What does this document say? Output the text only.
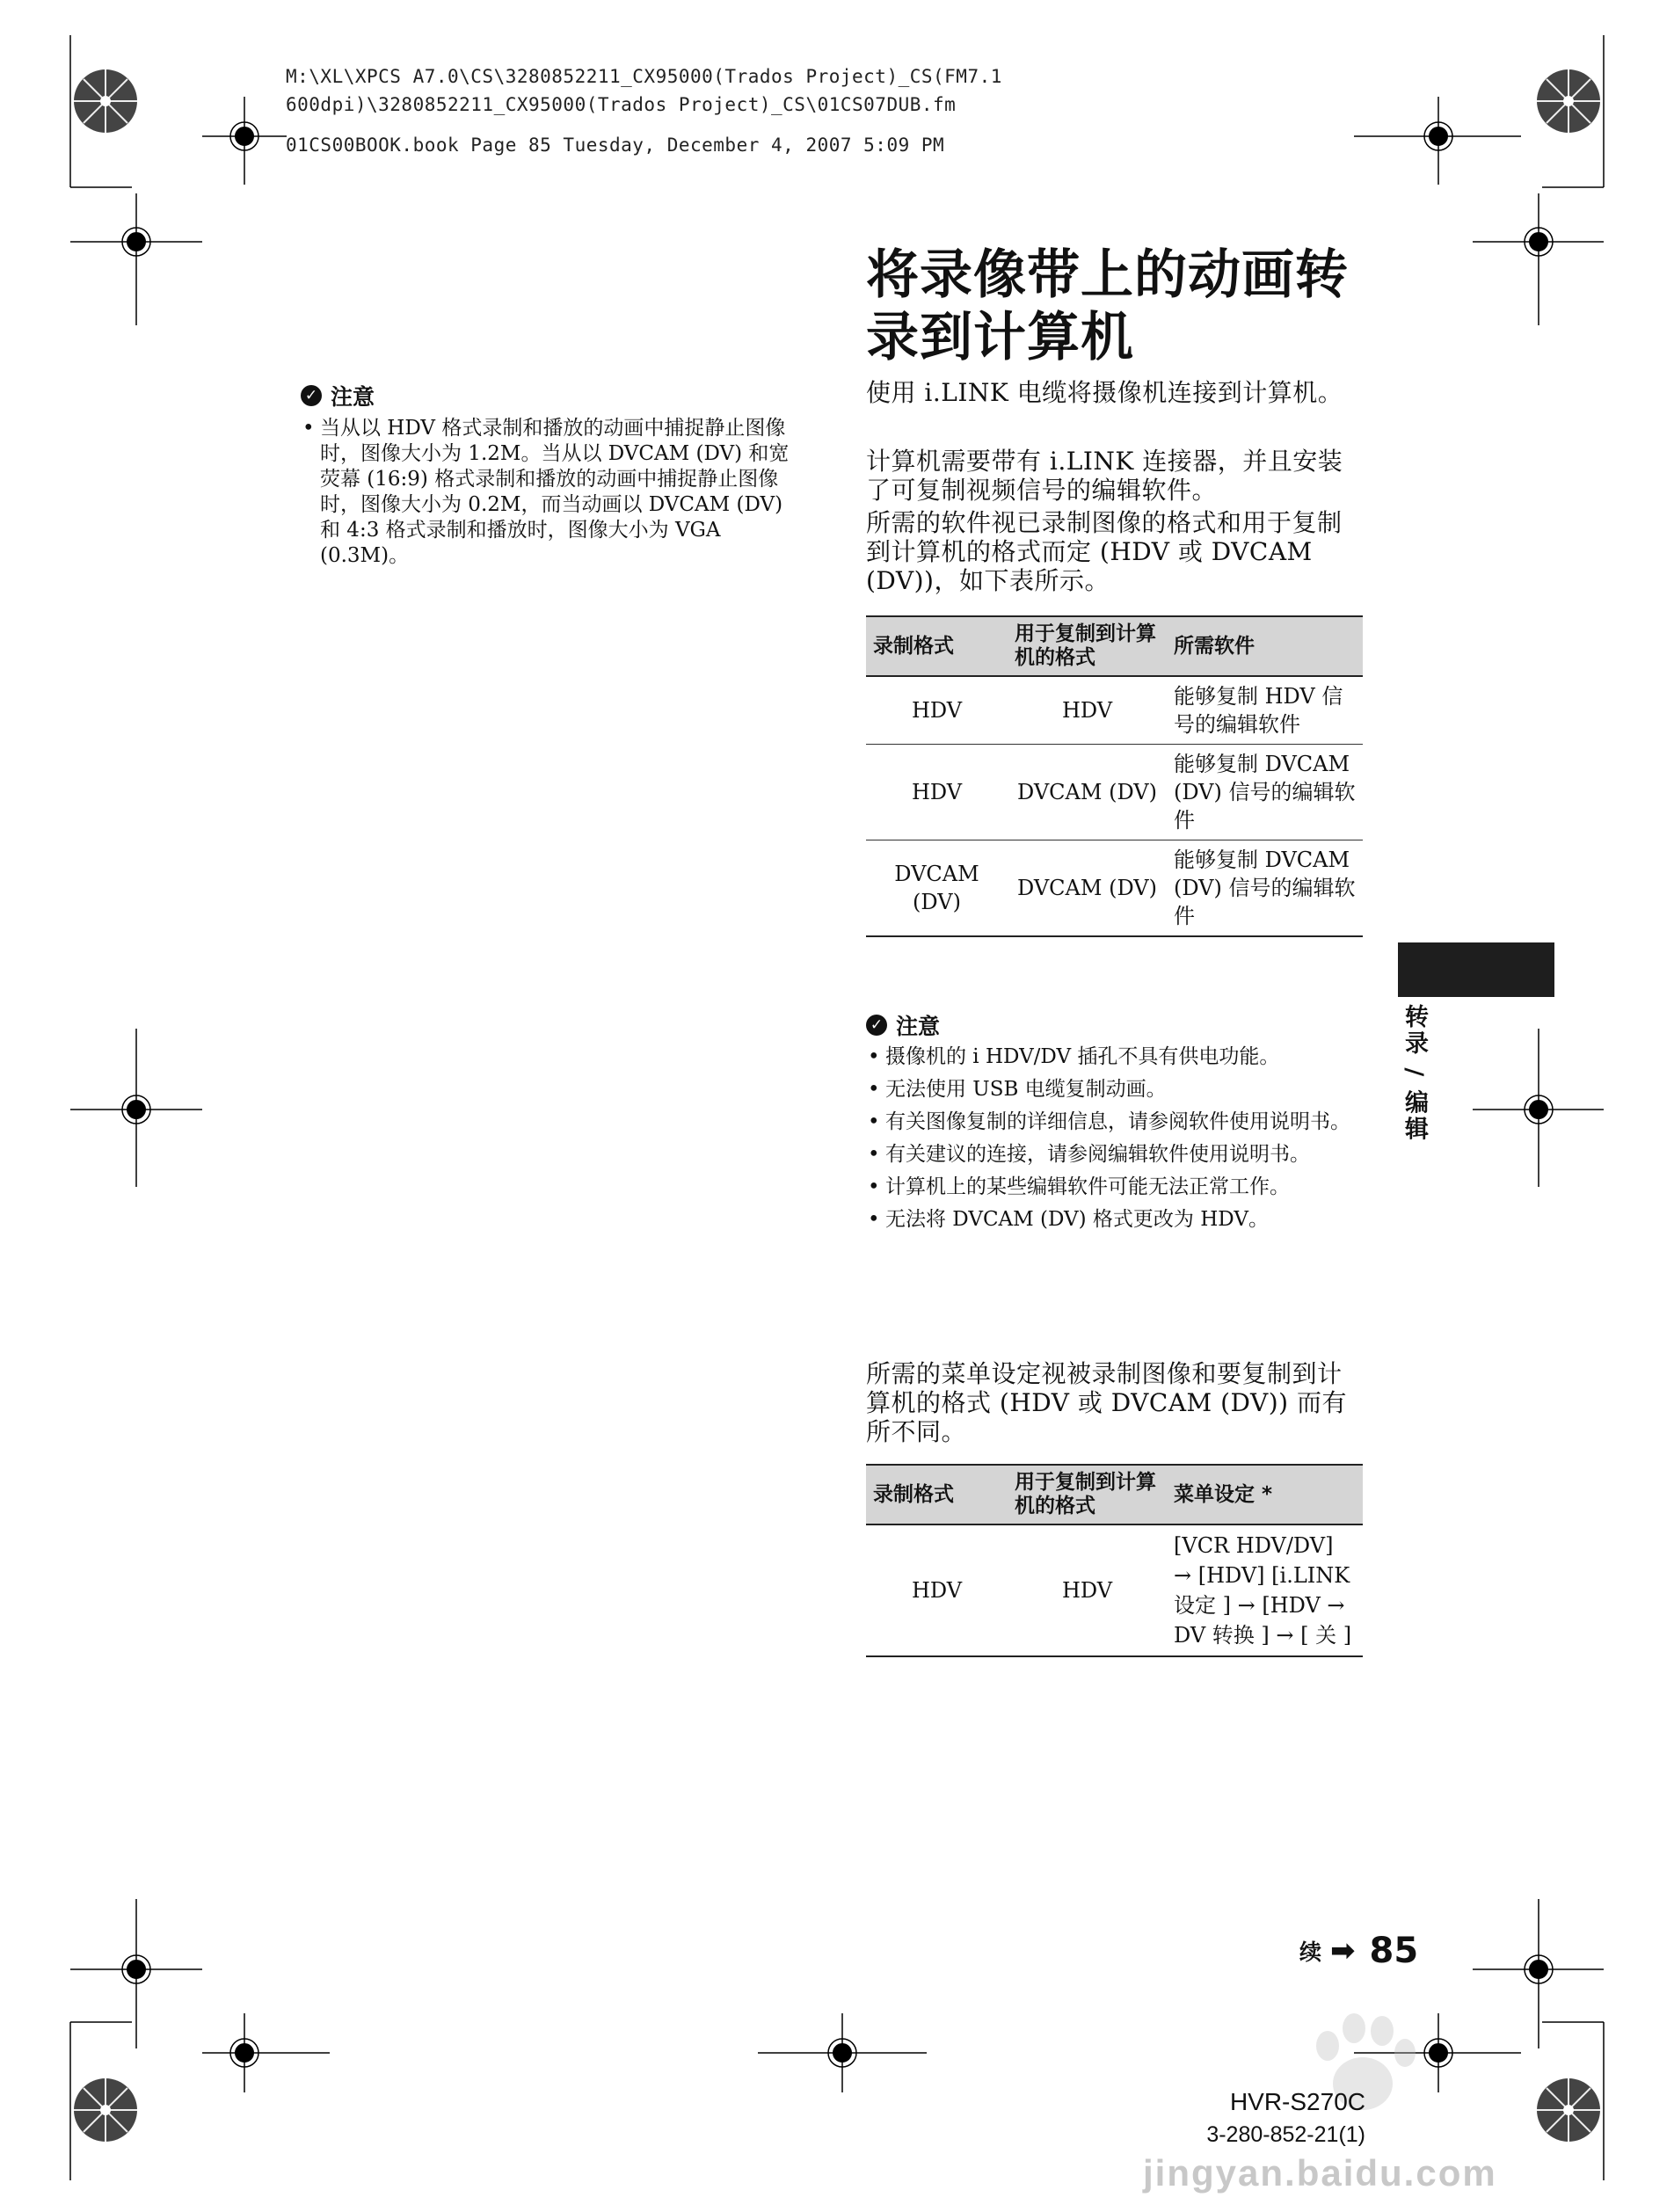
M:\XL\XPCS A7.0\CS\3280852211_CX95000(Trados Project)_CS(FM7.1
600dpi)\3280852211_CX95000(Trados Project)_CS\01CS07DUB.fm
01CS00BOOK.book Page 85 Tuesday, December 4, 2007 5:09 PM
✓ 注意
• 当从以 HDV 格式录制和播放的动画中捕捉静止图像时，图像大小为 1.2M。当从以 DVCAM (DV) 和宽荧幕 (16:9) 格式录制和播放的动画中捕捉静止图像时，图像大小为 0.2M，而当动画以 DVCAM (DV) 和 4:3 格式录制和播放时，图像大小为 VGA (0.3M)。
将录像带上的动画转录到计算机

使用 i.LINK 电缆将摄像机连接到计算机。

计算机需要带有 i.LINK 连接器，并且安装了可复制视频信号的编辑软件。

所需的软件视已录制图像的格式和用于复制到计算机的格式而定 (HDV 或 DVCAM (DV))，如下表所示。

录制格式	用于复制到计算机的格式	所需软件
HDV	HDV	能够复制 HDV 信号的编辑软件
HDV	DVCAM (DV)	能够复制 DVCAM (DV) 信号的编辑软件
DVCAM (DV)	DVCAM (DV)	能够复制 DVCAM (DV) 信号的编辑软件
✓ 注意
• 摄像机的 i HDV/DV 插孔不具有供电功能。
• 无法使用 USB 电缆复制动画。
• 有关图像复制的详细信息，请参阅软件使用说明书。
• 有关建议的连接，请参阅编辑软件使用说明书。
• 计算机上的某些编辑软件可能无法正常工作。
• 无法将 DVCAM (DV) 格式更改为 HDV。

所需的菜单设定视被录制图像和要复制到计算机的格式 (HDV 或 DVCAM (DV)) 而有所不同。

录制格式	用于复制到计算机的格式	菜单设定 *
HDV	HDV	[VCR HDV/DV] → [HDV] [i.LINK 设定 ] → [HDV → DV 转换 ] → [ 关 ]
转录 / 编辑
续 ➡ 85
jingyan.baidu.com
HVR-S270C
3-280-852-21(1)
